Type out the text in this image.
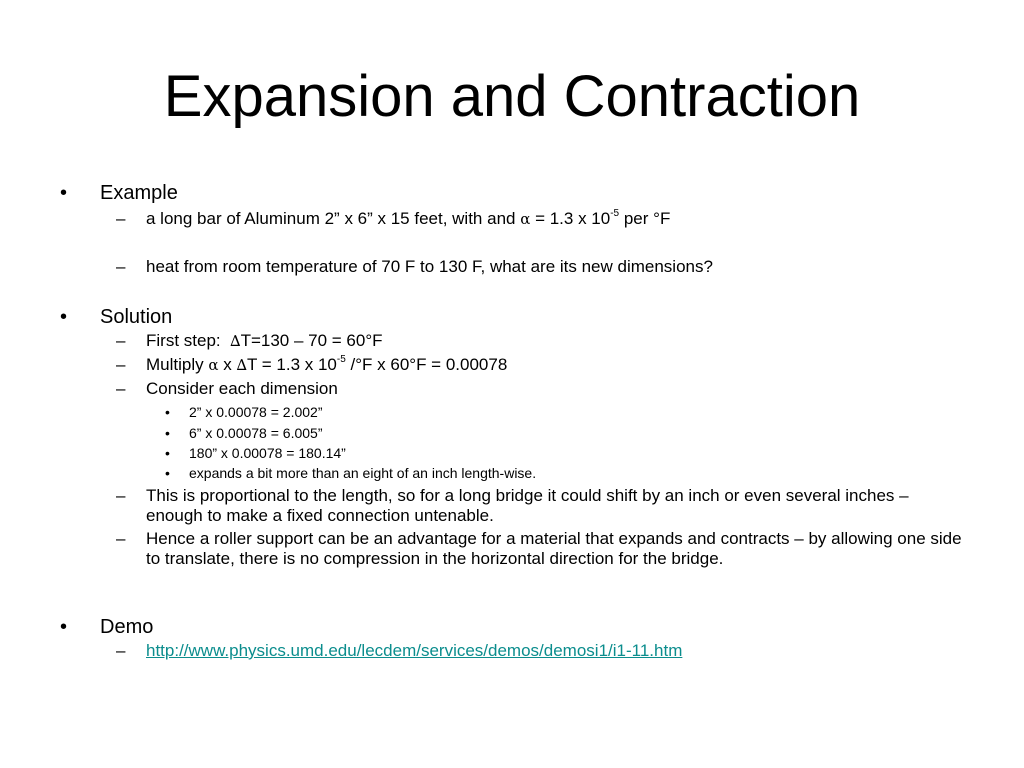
Expansion and Contraction
• Example
– a long bar of Aluminum 2” x 6” x 15 feet, with and α = 1.3 x $10^{-5}$ per °F
– heat from room temperature of 70 F to 130 F, what are its new dimensions?
• Solution
– First step:  ∆T=130 – 70 = 60°F
– Multiply α x ∆T = 1.3 x $10^{-5}$ /°F x 60°F = 0.00078
– Consider each dimension
• 2” x 0.00078 = 2.002”
• 6” x 0.00078 = 6.005”
• 180” x 0.00078 = 180.14”
• expands a bit more than an eight of an inch length-wise.
– This is proportional to the length, so for a long bridge it could shift by an inch or even several inches – enough to make a fixed connection untenable.
– Hence a roller support can be an advantage for a material that expands and contracts – by allowing one side to translate, there is no compression in the horizontal direction for the bridge.
• Demo
– http://www.physics.umd.edu/lecdem/services/demos/demosi1/i1-11.htm
